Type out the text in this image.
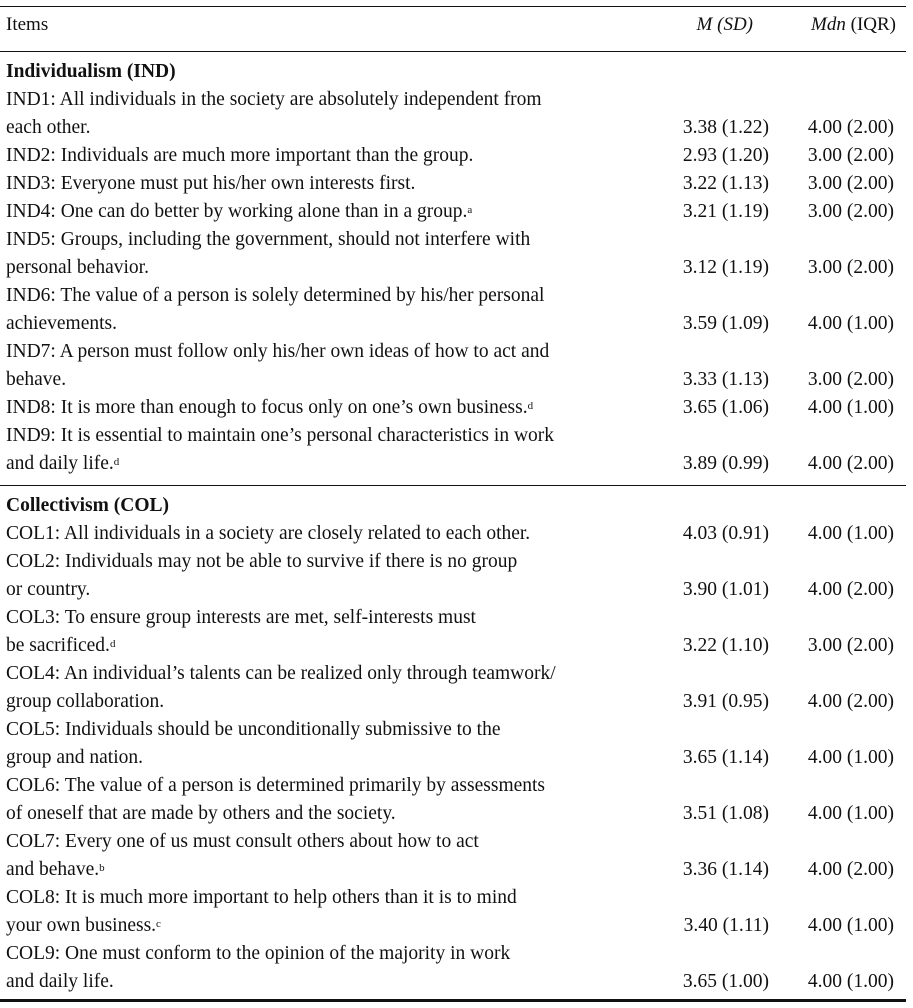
Items	M (SD)	Mdn (IQR)
Individualism (IND)
IND1: All individuals in the society are absolutely independent from
each other.	3.38 (1.22) 4.00 (2.00)
IND2: Individuals are much more important than the group.	2.93 (1.20) 3.00 (2.00)
IND3: Everyone must put his/her own interests first.	3.22 (1.13) 3.00 (2.00)
IND4: One can do better by working alone than in a group.$^a$	3.21 (1.19) 3.00 (2.00)
IND5: Groups, including the government, should not interfere with
personal behavior.	3.12 (1.19) 3.00 (2.00)
IND6: The value of a person is solely determined by his/her personal
achievements.	3.59 (1.09) 4.00 (1.00)
IND7: A person must follow only his/her own ideas of how to act and
behave.	3.33 (1.13) 3.00 (2.00)
IND8: It is more than enough to focus only on one’s own business.$^d$	3.65 (1.06) 4.00 (1.00)
IND9: It is essential to maintain one’s personal characteristics in work
and daily life.$^d$	3.89 (0.99) 4.00 (2.00)
Collectivism (COL)
COL1: All individuals in a society are closely related to each other.	4.03 (0.91) 4.00 (1.00)
COL2: Individuals may not be able to survive if there is no group
or country.	3.90 (1.01) 4.00 (2.00)
COL3: To ensure group interests are met, self-interests must
be sacrificed.$^d$	3.22 (1.10) 3.00 (2.00)
COL4: An individual’s talents can be realized only through teamwork/
group collaboration.	3.91 (0.95) 4.00 (2.00)
COL5: Individuals should be unconditionally submissive to the
group and nation.	3.65 (1.14) 4.00 (1.00)
COL6: The value of a person is determined primarily by assessments
of oneself that are made by others and the society.	3.51 (1.08) 4.00 (1.00)
COL7: Every one of us must consult others about how to act
and behave.$^b$	3.36 (1.14) 4.00 (2.00)
COL8: It is much more important to help others than it is to mind
your own business.$^c$	3.40 (1.11) 4.00 (1.00)
COL9: One must conform to the opinion of the majority in work
and daily life.	3.65 (1.00) 4.00 (1.00)
